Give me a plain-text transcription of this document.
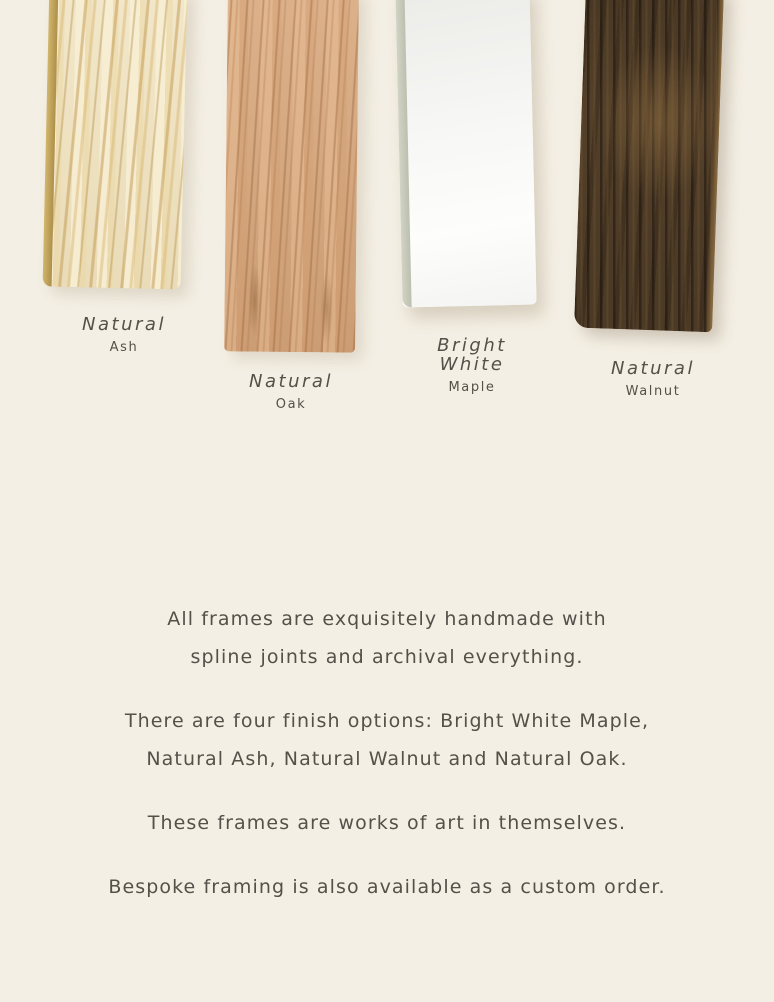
Natural
Ash
Natural
Oak
Bright
White
Maple
Natural
Walnut

All frames are exquisitely handmade with
spline joints and archival everything.

There are four finish options: Bright White Maple,
Natural Ash, Natural Walnut and Natural Oak.

These frames are works of art in themselves.

Bespoke framing is also available as a custom order.
